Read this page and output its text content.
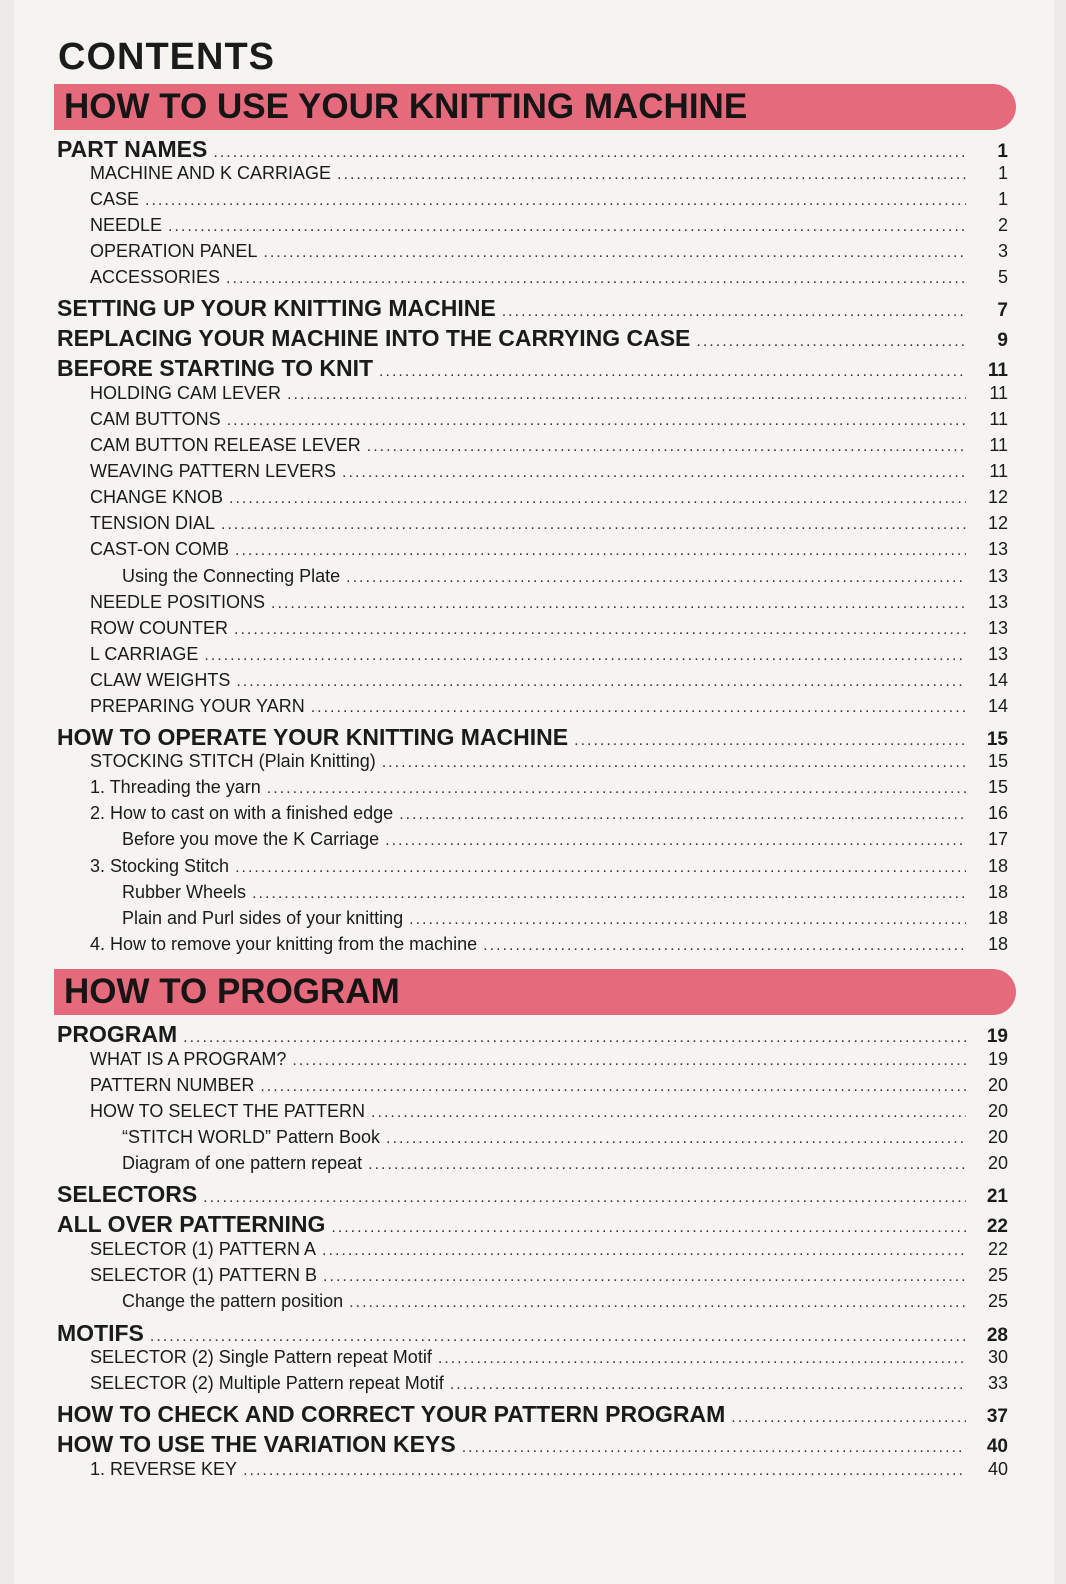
CONTENTS
HOW TO USE YOUR KNITTING MACHINE
HOW TO PROGRAM
PART NAMES .....	1
MACHINE AND K CARRIAGE .....	1
CASE .....	1
NEEDLE .....	2
OPERATION PANEL .....	3
ACCESSORIES .....	5
SETTING UP YOUR KNITTING MACHINE .....	7
REPLACING YOUR MACHINE INTO THE CARRYING CASE .....	9
BEFORE STARTING TO KNIT .....	11
HOLDING CAM LEVER .....	11
CAM BUTTONS .....	11
CAM BUTTON RELEASE LEVER .....	11
WEAVING PATTERN LEVERS .....	11
CHANGE KNOB .....	12
TENSION DIAL .....	12
CAST-ON COMB .....	13
Using the Connecting Plate .....	13
NEEDLE POSITIONS .....	13
ROW COUNTER .....	13
L CARRIAGE .....	13
CLAW WEIGHTS .....	14
PREPARING YOUR YARN .....	14
HOW TO OPERATE YOUR KNITTING MACHINE .....	15
STOCKING STITCH (Plain Knitting) .....	15
1. Threading the yarn .....	15
2. How to cast on with a finished edge .....	16
Before you move the K Carriage .....	17
3. Stocking Stitch .....	18
Rubber Wheels .....	18
Plain and Purl sides of your knitting .....	18
4. How to remove your knitting from the machine .....	18
PROGRAM .....	19
WHAT IS A PROGRAM? .....	19
PATTERN NUMBER .....	20
HOW TO SELECT THE PATTERN .....	20
“STITCH WORLD” Pattern Book .....	20
Diagram of one pattern repeat .....	20
SELECTORS .....	21
ALL OVER PATTERNING .....	22
SELECTOR (1) PATTERN A .....	22
SELECTOR (1) PATTERN B .....	25
Change the pattern position .....	25
MOTIFS .....	28
SELECTOR (2) Single Pattern repeat Motif .....	30
SELECTOR (2) Multiple Pattern repeat Motif .....	33
HOW TO CHECK AND CORRECT YOUR PATTERN PROGRAM .....	37
HOW TO USE THE VARIATION KEYS .....	40
1. REVERSE KEY .....	40
